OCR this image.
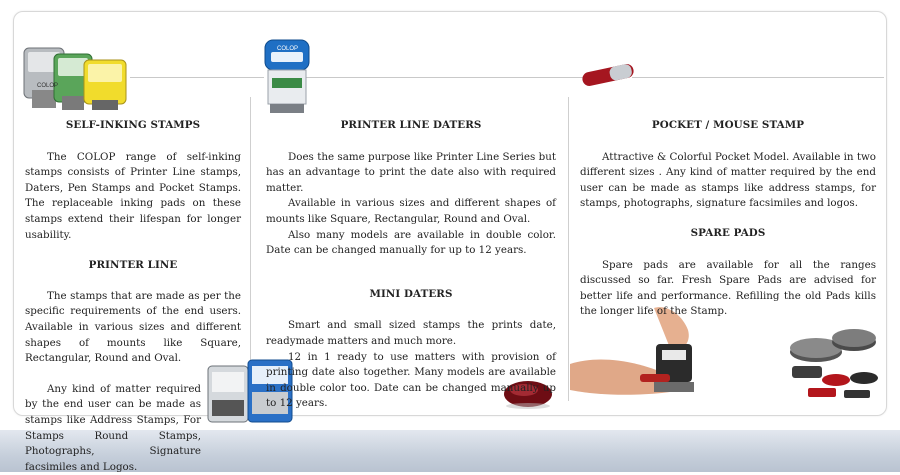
COLOP
COLOP
SELF-INKING STAMPS

The COLOP range of self-inking stamps consists of Printer Line stamps, Daters, Pen Stamps and Pocket Stamps. The replaceable inking pads on these stamps extend their lifespan for longer usability.

PRINTER LINE

The stamps that are made as per the specific requirements of the end users. Available in various sizes and different shapes of mounts like Square, Rectangular, Round and Oval.

Any kind of matter required by the end user can be made as stamps like Address Stamps, For Stamps Round Stamps, Photographs, Signature facsimiles and Logos.

PRINTER LINE DATERS

Does the same purpose like Printer Line Series but has an advantage to print the date also with required matter.

Available in various sizes and different shapes of mounts like Square, Rectangular, Round and Oval.

Also many models are available in double color. Date can be changed manually for up to 12 years.

MINI DATERS

Smart and small sized stamps the prints date, readymade matters and much more.

12 in 1 ready to use matters with provision of printing date also together. Many models are available in double color too. Date can be changed manually up to 12 years.

POCKET / MOUSE STAMP

Attractive & Colorful Pocket Model. Available in two different sizes . Any kind of matter required by the end user can be made as stamps like address stamps, for stamps, photographs, signature facsimiles and logos.

SPARE PADS

Spare pads are available for all the ranges discussed so far. Fresh Spare Pads are advised for better life and performance. Refilling the old Pads kills the longer life of the Stamp.
